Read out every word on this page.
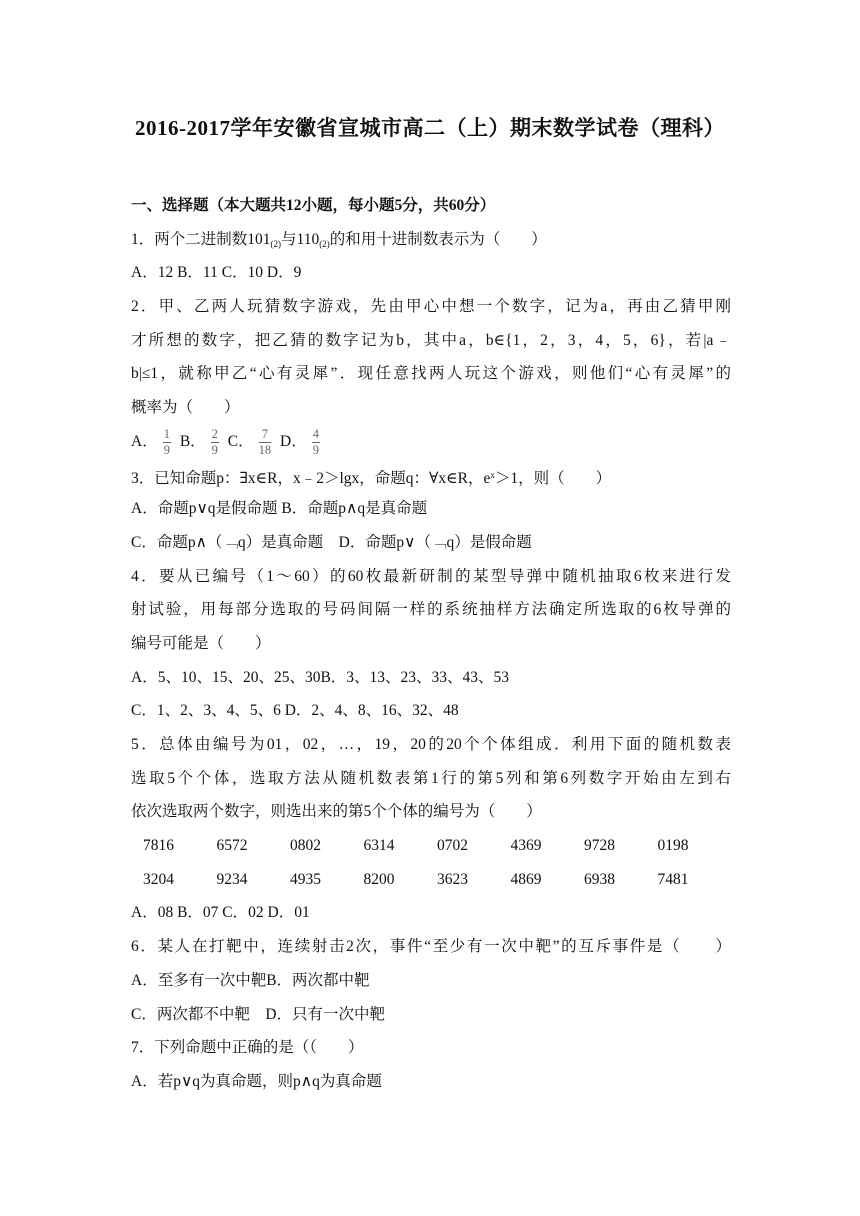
2016-2017学年安徽省宣城市高二（上）期末数学试卷（理科）
一、选择题（本大题共12小题，每小题5分，共60分）
1．两个二进制数$101_{(2)}$与$110_{(2)}$的和用十进制数表示为（　　）
A．12 B．11 C．10 D．9
2．甲、乙两人玩猜数字游戏，先由甲心中想一个数字，记为a，再由乙猜甲刚
才所想的数字，把乙猜的数字记为b，其中a，b∈{1，2，3，4，5，6}，若|a﹣
b|≤1，就称甲乙“心有灵犀”．现任意找两人玩这个游戏，则他们“心有灵犀”的
概率为（　　）
A． $\frac{1}{9}$ B． $\frac{2}{9}$ C． $\frac{7}{18}$ D． $\frac{4}{9}$
3．已知命题p：∃x∈R，x﹣2＞lgx，命题q：∀x∈R，$e^x>1$，则（　　）
A．命题p∨q是假命题 B．命题p∧q是真命题
C．命题p∧（﹁q）是真命题　D．命题p∨（﹁q）是假命题
4．要从已编号（1～60）的60枚最新研制的某型导弹中随机抽取6枚来进行发
射试验，用每部分选取的号码间隔一样的系统抽样方法确定所选取的6枚导弹的
编号可能是（　　）
A．5、10、15、20、25、30B．3、13、23、33、43、53
C．1、2、3、4、5、6 D．2、4、8、16、32、48
5．总体由编号为01，02，…，19，20的20个个体组成．利用下面的随机数表
选取5个个体，选取方法从随机数表第1行的第5列和第6列数字开始由左到右
依次选取两个数字，则选出来的第5个个体的编号为（　　）
7816	6572	0802	6314	0702	4369	9728	0198
3204	9234	4935	8200	3623	4869	6938	7481
A．08 B．07 C．02 D．01
6．某人在打靶中，连续射击2次，事件“至少有一次中靶”的互斥事件是（　　）
A．至多有一次中靶B．两次都中靶
C．两次都不中靶　D．只有一次中靶
7．下列命题中正确的是（（　　）
A．若p∨q为真命题，则p∧q为真命题
